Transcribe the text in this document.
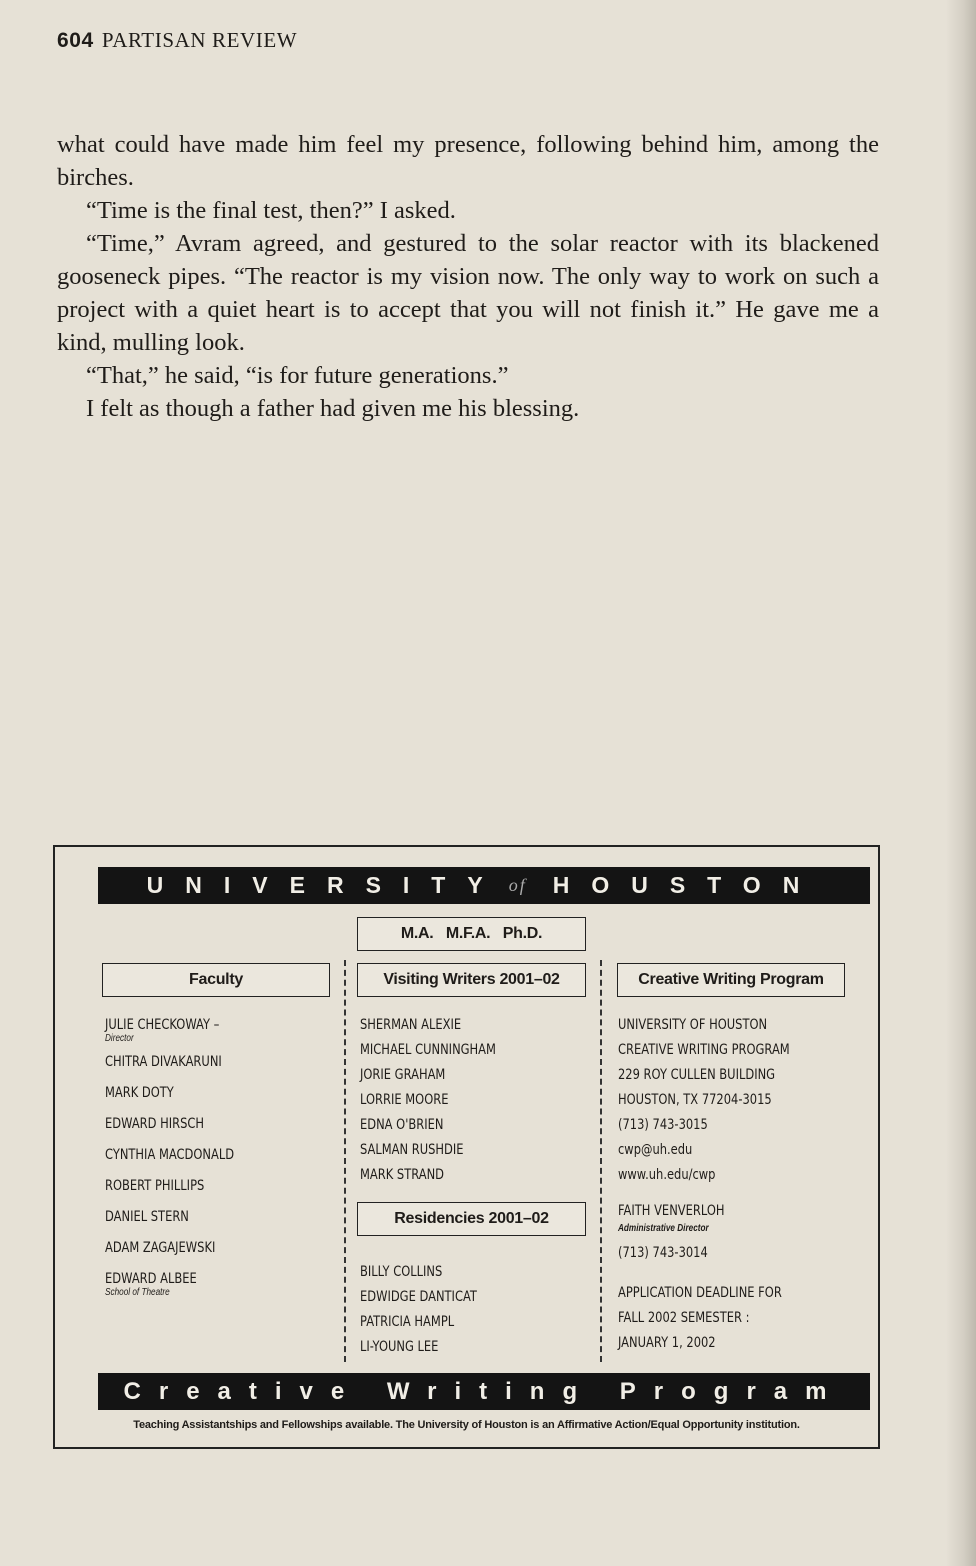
604 PARTISAN REVIEW

what could have made him feel my presence, following behind him, among the birches.

“Time is the final test, then?” I asked.

“Time,” Avram agreed, and gestured to the solar reactor with its blackened gooseneck pipes. “The reactor is my vision now. The only way to work on such a project with a quiet heart is to accept that you will not finish it.” He gave me a kind, mulling look.

“That,” he said, “is for future generations.”

I felt as though a father had given me his blessing.

UNIVERSITY of HOUSTON
M.A.   M.F.A.   Ph.D.
Faculty	Visiting Writers 2001–02	Creative Writing Program
JULIE CHECKOWAY –
Director
CHITRA DIVAKARUNI
MARK DOTY
EDWARD HIRSCH
CYNTHIA MACDONALD
ROBERT PHILLIPS
DANIEL STERN
ADAM ZAGAJEWSKI
EDWARD ALBEE
School of Theatre
SHERMAN ALEXIE
MICHAEL CUNNINGHAM
JORIE GRAHAM
LORRIE MOORE
EDNA O'BRIEN
SALMAN RUSHDIE
MARK STRAND
Residencies 2001–02
BILLY COLLINS
EDWIDGE DANTICAT
PATRICIA HAMPL
LI-YOUNG LEE
UNIVERSITY OF HOUSTON
CREATIVE WRITING PROGRAM
229 ROY CULLEN BUILDING
HOUSTON, TX 77204-3015
(713) 743-3015
cwp@uh.edu
www.uh.edu/cwp
FAITH VENVERLOH
Administrative Director
(713) 743-3014
APPLICATION DEADLINE FOR
FALL 2002 SEMESTER :
JANUARY 1, 2002
Creative Writing Program
Teaching Assistantships and Fellowships available. The University of Houston is an Affirmative Action/Equal Opportunity institution.
